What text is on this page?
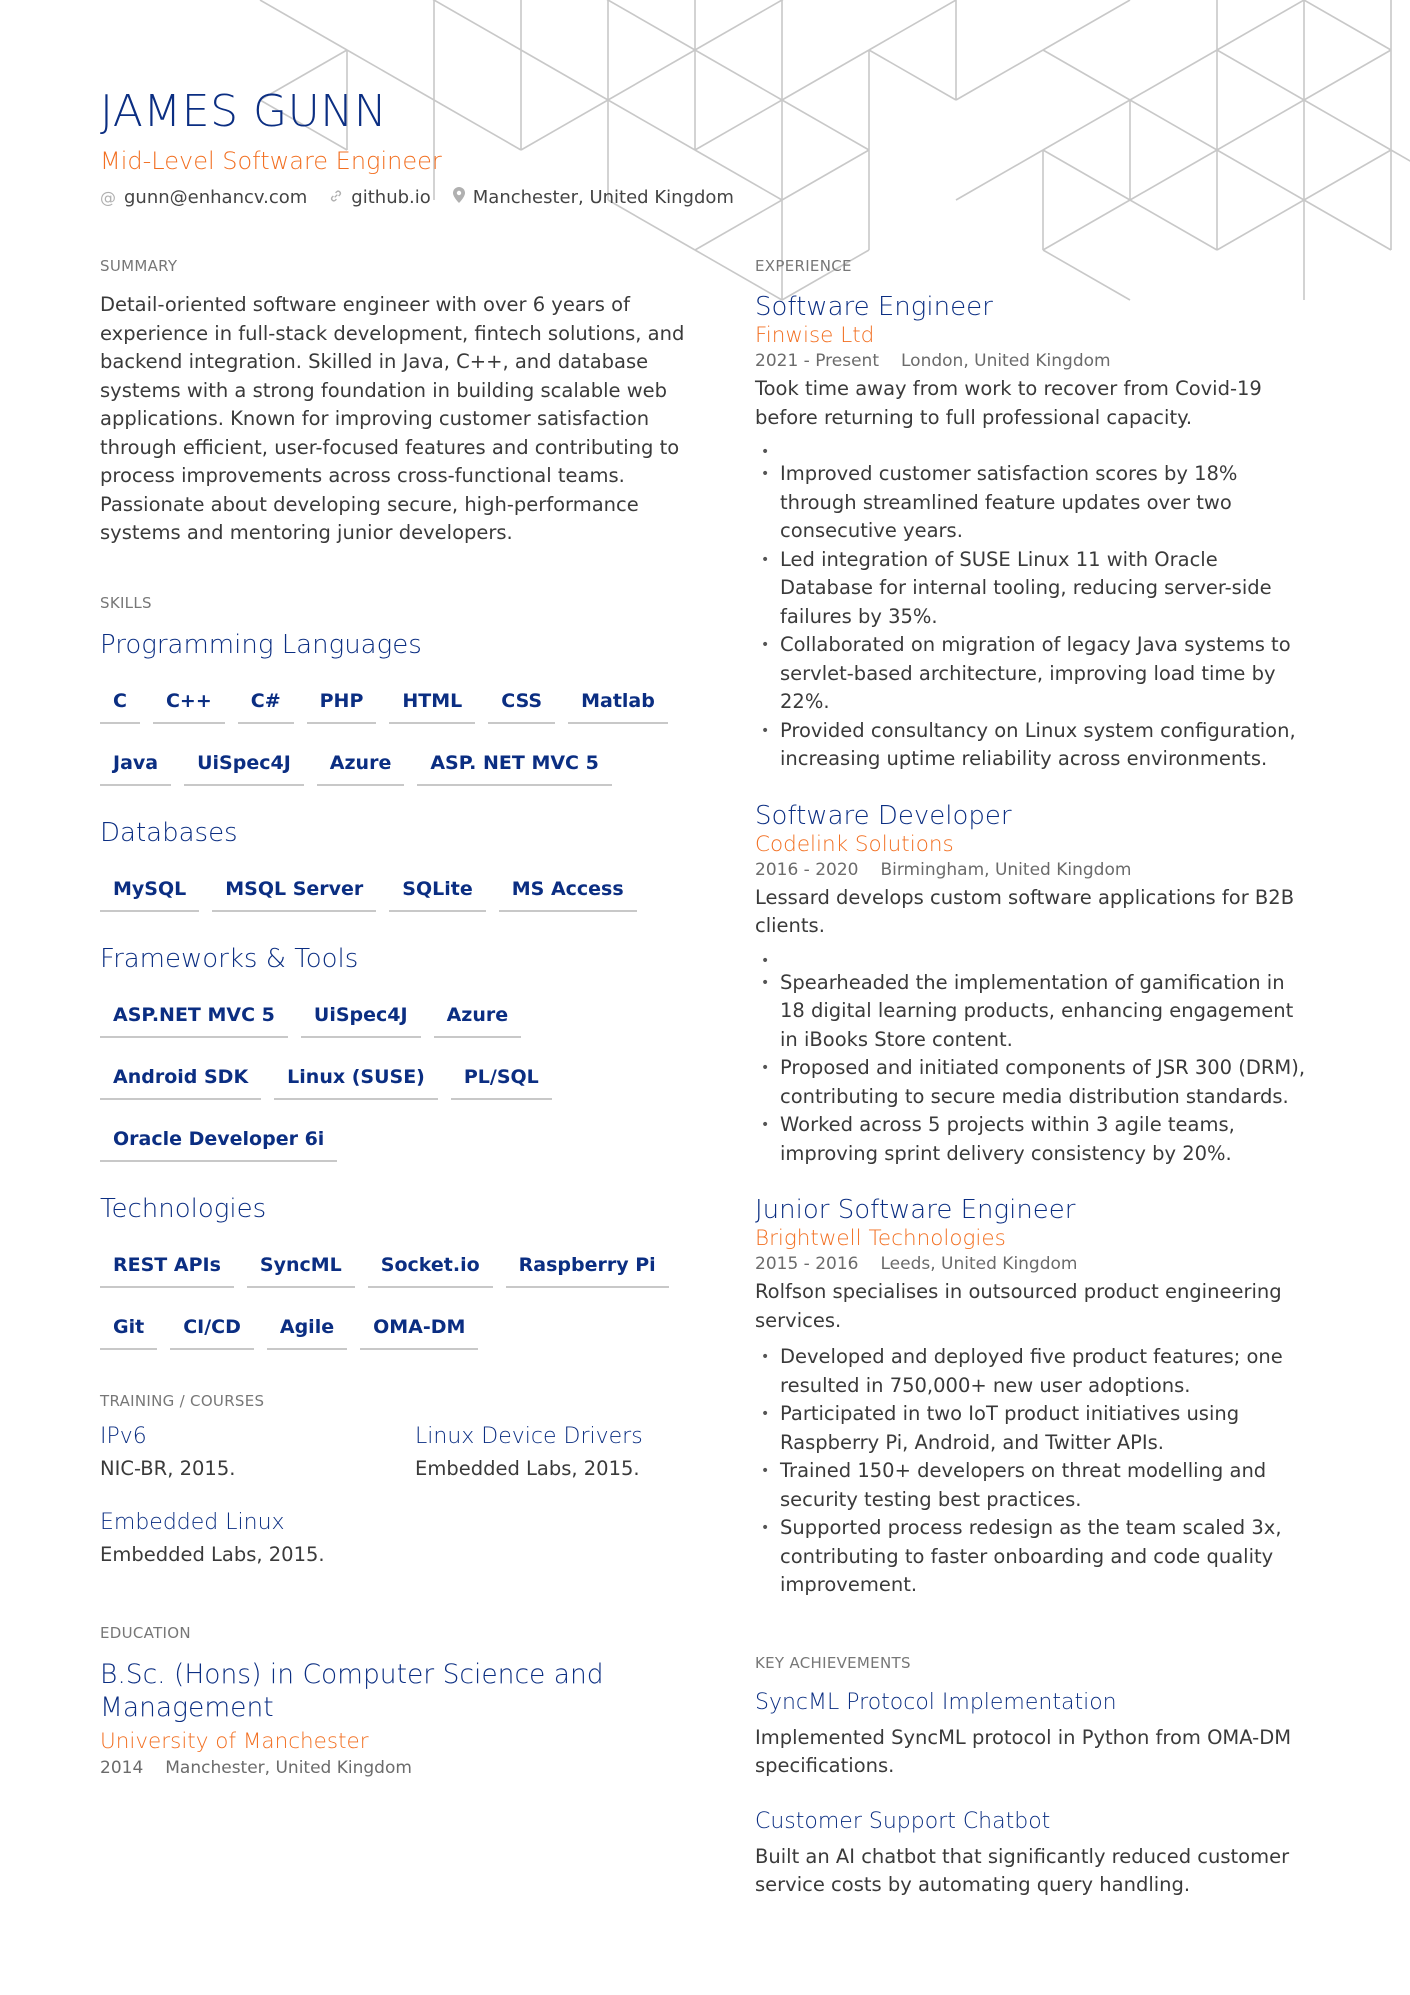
JAMES GUNN
Mid-Level Software Engineer
@ gunn@enhancv.com github.io Manchester, United Kingdom
SUMMARY

Detail-oriented software engineer with over 6 years of experience in full-stack development, fintech solutions, and backend integration. Skilled in Java, C++, and database systems with a strong foundation in building scalable web applications. Known for improving customer satisfaction through efficient, user-focused features and contributing to process improvements across cross-functional teams. Passionate about developing secure, high-performance systems and mentoring junior developers.

SKILLS
Programming Languages
C	C++	C#	PHP	HTML	CSS	Matlab
Java	UiSpec4J	Azure	ASP. NET MVC 5
Databases
MySQL	MSQL Server	SQLite	MS Access
Frameworks & Tools
ASP.NET MVC 5	UiSpec4J	Azure
Android SDK	Linux (SUSE)	PL/SQL
Oracle Developer 6i
Technologies
REST APIs	SyncML	Socket.io	Raspberry Pi
Git	CI/CD	Agile	OMA-DM
TRAINING / COURSES
IPv6
NIC-BR, 2015.
Linux Device Drivers
Embedded Labs, 2015.
Embedded Linux
Embedded Labs, 2015.
EDUCATION
B.Sc. (Hons) in Computer Science and Management
University of Manchester
2014 Manchester, United Kingdom
EXPERIENCE
Software Engineer
Finwise Ltd
2021 - Present London, United Kingdom
Took time away from work to recover from Covid-19 before returning to full professional capacity.
•
• Improved customer satisfaction scores by 18% through streamlined feature updates over two consecutive years.
• Led integration of SUSE Linux 11 with Oracle Database for internal tooling, reducing server-side failures by 35%.
• Collaborated on migration of legacy Java systems to servlet-based architecture, improving load time by 22%.
• Provided consultancy on Linux system configuration, increasing uptime reliability across environments.
Software Developer
Codelink Solutions
2016 - 2020 Birmingham, United Kingdom
Lessard develops custom software applications for B2B clients.
•
• Spearheaded the implementation of gamification in 18 digital learning products, enhancing engagement in iBooks Store content.
• Proposed and initiated components of JSR 300 (DRM), contributing to secure media distribution standards.
• Worked across 5 projects within 3 agile teams, improving sprint delivery consistency by 20%.
Junior Software Engineer
Brightwell Technologies
2015 - 2016 Leeds, United Kingdom
Rolfson specialises in outsourced product engineering services.
• Developed and deployed five product features; one resulted in 750,000+ new user adoptions.
• Participated in two IoT product initiatives using Raspberry Pi, Android, and Twitter APIs.
• Trained 150+ developers on threat modelling and security testing best practices.
• Supported process redesign as the team scaled 3x, contributing to faster onboarding and code quality improvement.
KEY ACHIEVEMENTS
SyncML Protocol Implementation
Implemented SyncML protocol in Python from OMA-DM specifications.
Customer Support Chatbot
Built an AI chatbot that significantly reduced customer service costs by automating query handling.
